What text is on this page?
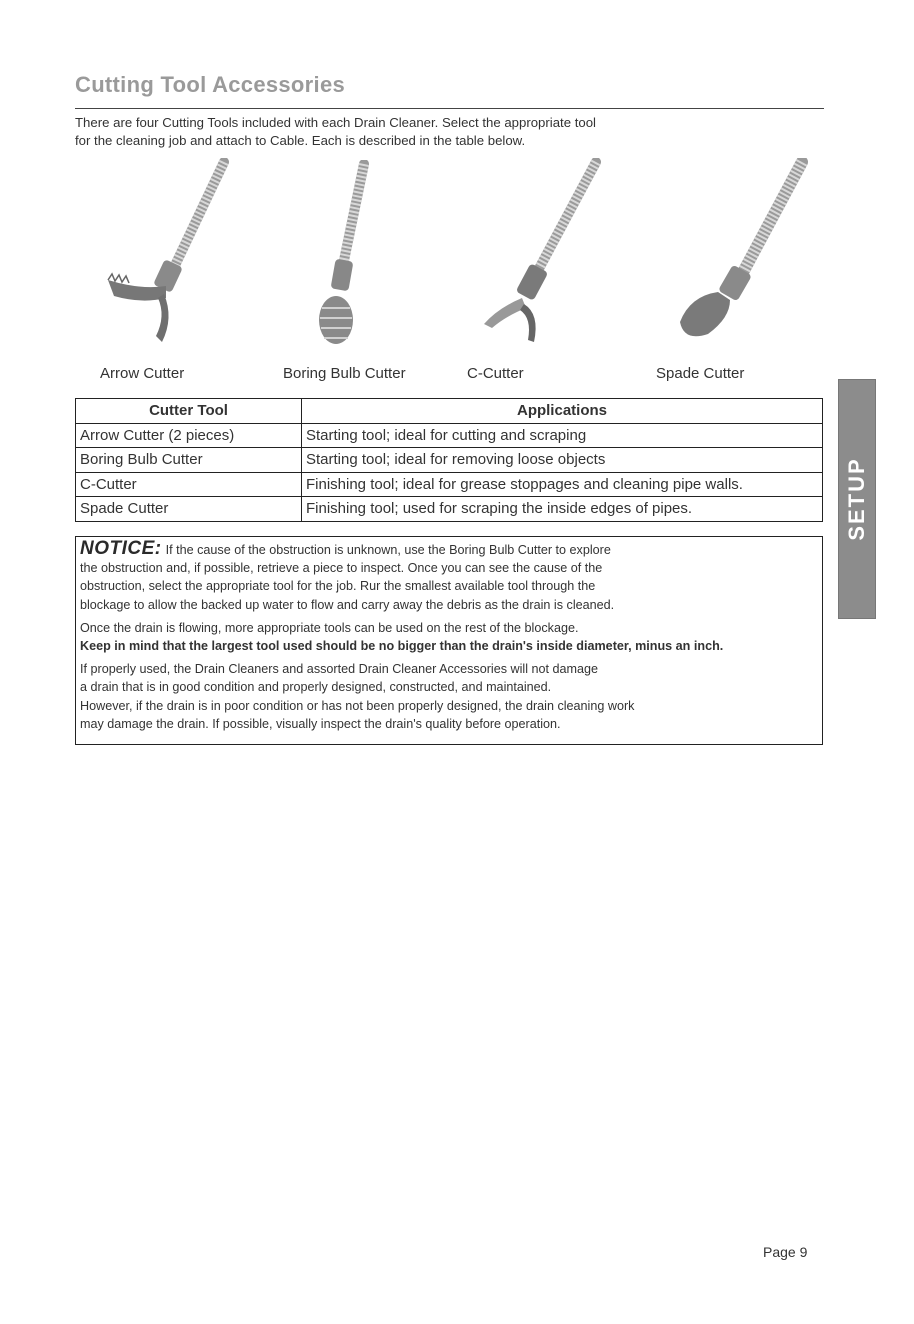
Cutting Tool Accessories
There are four Cutting Tools included with each Drain Cleaner. Select the appropriate tool
for the cleaning job and attach to Cable. Each is described in the table below.
Arrow Cutter	Boring Bulb Cutter	C-Cutter	Spade Cutter
Cutter Tool	Applications
Arrow Cutter (2 pieces)	Starting tool; ideal for cutting and scraping
Boring Bulb Cutter	Starting tool; ideal for removing loose objects
C-Cutter	Finishing tool; ideal for grease stoppages and cleaning pipe walls.
Spade Cutter	Finishing tool; used for scraping the inside edges of pipes.

NOTICE: If the cause of the obstruction is unknown, use the Boring Bulb Cutter to explore
the obstruction and, if possible, retrieve a piece to inspect. Once you can see the cause of the
obstruction, select the appropriate tool for the job. Rur the smallest available tool through the
blockage to allow the backed up water to flow and carry away the debris as the drain is cleaned.

Once the drain is flowing, more appropriate tools can be used on the rest of the blockage.

Keep in mind that the largest tool used should be no bigger than the drain's inside diameter, minus an inch.

If properly used, the Drain Cleaners and assorted Drain Cleaner Accessories will not damage
a drain that is in good condition and properly designed, constructed, and maintained.
However, if the drain is in poor condition or has not been properly designed, the drain cleaning work
may damage the drain. If possible, visually inspect the drain's quality before operation.

SETUP
Page 9
